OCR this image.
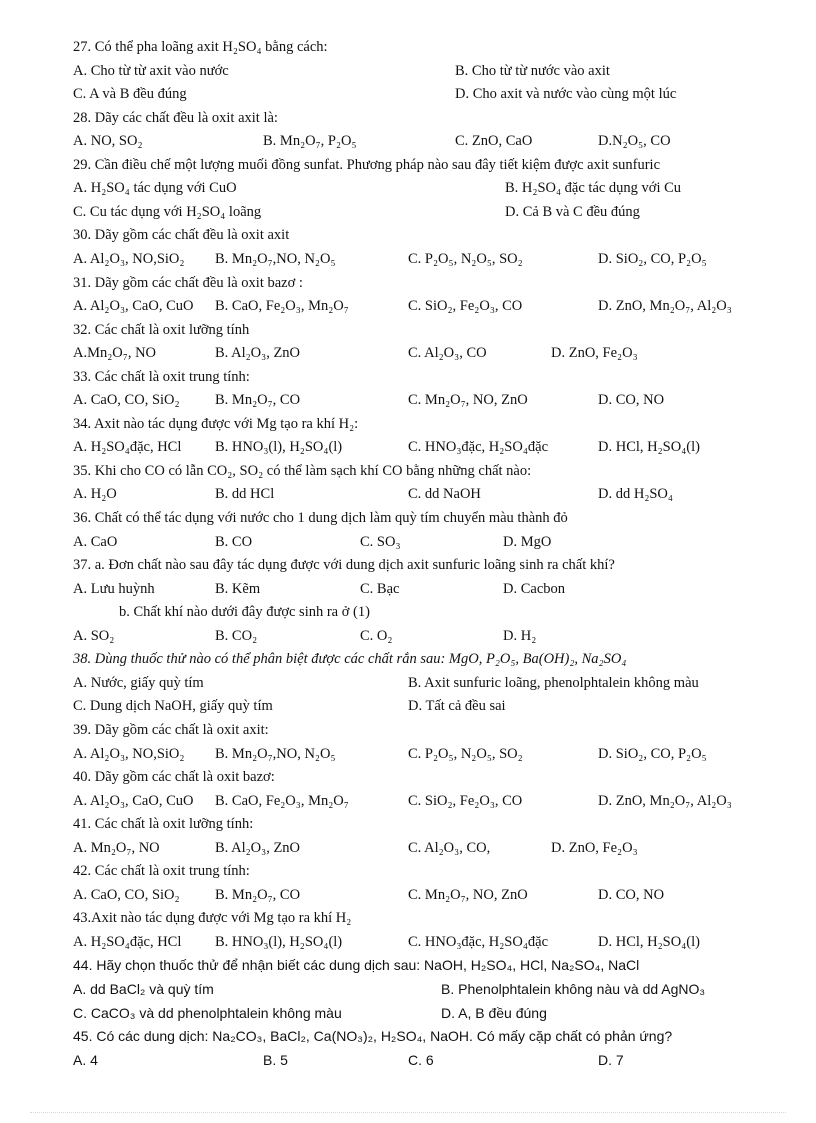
27. Có thể pha loãng axit H₂SO₄ bằng cách:
A. Cho từ từ axit vào nước	B. Cho từ từ nước vào axit
C. A và B đều đúng	D. Cho axit và nước vào cùng một lúc
28. Dãy các chất đều là oxit axit là:
A. NO, SO₂	B. Mn₂O₇, P₂O₅	C. ZnO, CaO	D.N₂O₅, CO
29. Cần điều chế một lượng muối đồng sunfat. Phương pháp nào sau đây tiết kiệm được axit sunfuric
A. H₂SO₄ tác dụng với CuO	B. H₂SO₄ đặc tác dụng với Cu
C. Cu tác dụng với H₂SO₄ loãng	D. Cả B và C đều đúng
30. Dãy gồm các chất đều là oxit axit
A. Al₂O₃, NO,SiO₂ B. Mn₂O₇,NO, N₂O₅	C. P₂O₅, N₂O₅, SO₂	D. SiO₂, CO, P₂O₅
31. Dãy gồm các chất đều là oxit bazơ :
A. Al₂O₃, CaO, CuO B. CaO, Fe₂O₃, Mn₂O₇	C. SiO₂, Fe₂O₃, CO	D. ZnO, Mn₂O₇, Al₂O₃
32. Các chất là oxit lưỡng tính
A.Mn₂O₇, NO	B. Al₂O₃, ZnO	C. Al₂O₃, CO	D. ZnO, Fe₂O₃
33. Các chất là oxit trung tính:
A. CaO, CO, SiO₂ B. Mn₂O₇, CO	C. Mn₂O₇, NO, ZnO	D. CO, NO
34. Axit nào tác dụng được với Mg tạo ra khí H₂:
A. H₂SO₄đặc, HCl B. HNO₃(l), H₂SO₄(l)	C. HNO₃đặc, H₂SO₄đặc	D. HCl, H₂SO₄(l)
35. Khi cho CO có lẫn CO₂, SO₂ có thể làm sạch khí CO bằng những chất nào:
A. H₂O	B. dd HCl	C. dd NaOH	D. dd H₂SO₄
36. Chất có thể tác dụng với nước cho 1 dung dịch làm quỳ tím chuyển màu thành đỏ
A. CaO	B. CO	C. SO₃	D. MgO
37. a. Đơn chất nào sau đây tác dụng được với dung dịch axit sunfuric loãng sinh ra chất khí?
A. Lưu huỳnh	B. Kẽm	C. Bạc	D. Cacbon
b. Chất khí nào dưới đây được sinh ra ở (1)
A. SO₂	B. CO₂	C. O₂	D. H₂
38. Dùng thuốc thử nào có thể phân biệt được các chất rắn sau: MgO, P₂O₅, Ba(OH)₂, Na₂SO₄
A. Nước, giấy quỳ tím	B. Axit sunfuric loãng, phenolphtalein không màu
C. Dung dịch NaOH, giấy quỳ tím	D. Tất cả đều sai
39. Dãy gồm các chất là oxit axit:
A. Al₂O₃, NO,SiO₂ B. Mn₂O₇,NO, N₂O₅	C. P₂O₅, N₂O₅, SO₂	D. SiO₂, CO, P₂O₅
40. Dãy gồm các chất là oxit bazơ:
A. Al₂O₃, CaO, CuO B. CaO, Fe₂O₃, Mn₂O₇	C. SiO₂, Fe₂O₃, CO	D. ZnO, Mn₂O₇, Al₂O₃
41. Các chất là oxit lưỡng tính:
A. Mn₂O₇, NO	B. Al₂O₃, ZnO	C. Al₂O₃, CO,	D. ZnO, Fe₂O₃
42. Các chất là oxit trung tính:
A. CaO, CO, SiO₂ B. Mn₂O₇, CO	C. Mn₂O₇, NO, ZnO	D. CO, NO
43.Axit nào tác dụng được với Mg tạo ra khí H₂
A. H₂SO₄đặc, HCl B. HNO₃(l), H₂SO₄(l)	C. HNO₃đặc, H₂SO₄đặc	D. HCl, H₂SO₄(l)
44. Hãy chọn thuốc thử để nhận biết các dung dịch sau: NaOH, H₂SO₄, HCl, Na₂SO₄, NaCl
A. dd BaCl₂ và quỳ tím	B. Phenolphtalein không nàu và dd AgNO₃
C. CaCO₃ và dd phenolphtalein không màu	D. A, B đều đúng
45. Có các dung dịch: Na₂CO₃, BaCl₂, Ca(NO₃)₂, H₂SO₄, NaOH. Có mấy cặp chất có phản ứng?
A. 4	B. 5	C. 6	D. 7
